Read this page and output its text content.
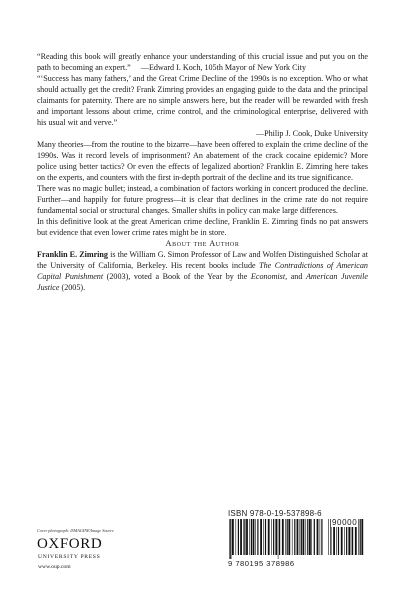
“Reading this book will greatly enhance your understanding of this crucial issue and put you on the path to becoming an expert.” —Edward I. Koch, 105th Mayor of New York City

“‘Success has many fathers,’ and the Great Crime Decline of the 1990s is no exception. Who or what should actually get the credit? Frank Zimring provides an engaging guide to the data and the principal claimants for paternity. There are no simple answers here, but the reader will be rewarded with fresh and important lessons about crime, crime control, and the criminological enterprise, delivered with his usual wit and verve.”
—Philip J. Cook, Duke University

Many theories—from the routine to the bizarre—have been offered to explain the crime decline of the 1990s. Was it record levels of imprisonment? An abatement of the crack cocaine epidemic? More police using better tactics? Or even the effects of legalized abortion? Franklin E. Zimring here takes on the experts, and counters with the first in-depth portrait of the decline and its true significance.

There was no magic bullet; instead, a combination of factors working in concert produced the decline. Further—and happily for future progress—it is clear that declines in the crime rate do not require fundamental social or structural changes. Smaller shifts in policy can make large differences.

In this definitive look at the great American crime decline, Franklin E. Zimring finds no pat answers but evidence that even lower crime rates might be in store.

About the Author

Franklin E. Zimring is the William G. Simon Professor of Law and Wolfen Distinguished Scholar at the University of California, Berkeley. His recent books include The Contradictions of American Capital Punishment (2003), voted a Book of the Year by the Economist, and American Juvenile Justice (2005).

ISBN 978-0-19-537898-6
90000
9 780195 378986
Cover photograph: ISMAGINE/Image Source
OXFORD
UNIVERSITY PRESS
www.oup.com
